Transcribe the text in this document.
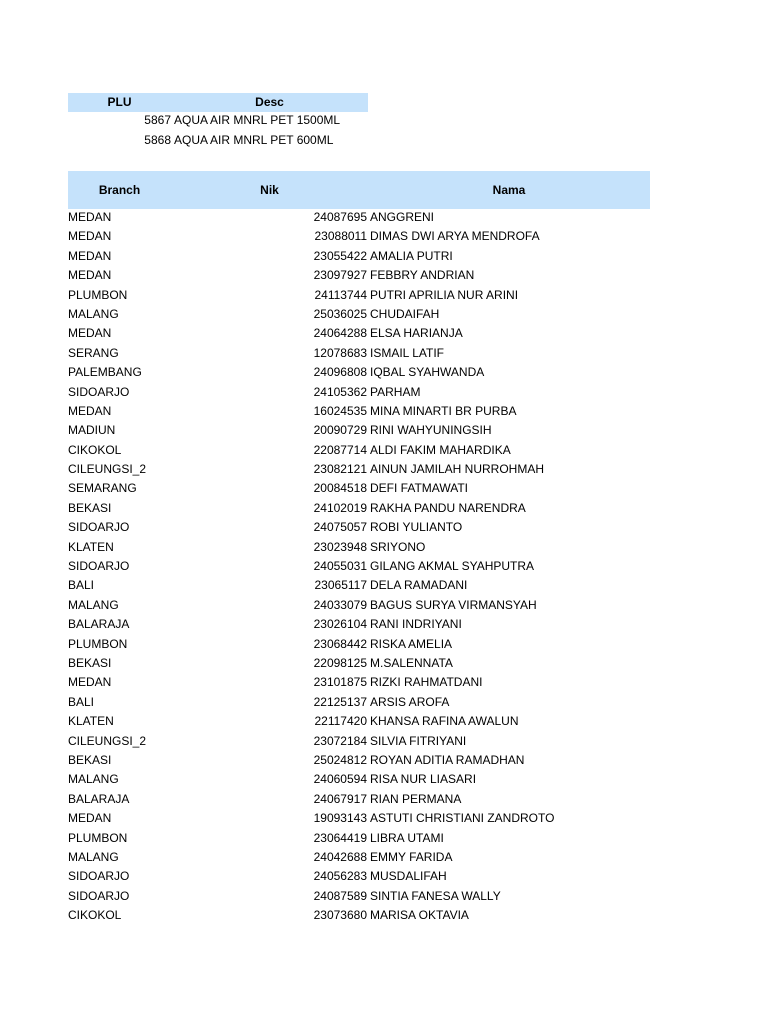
PLU	Desc
5867 AQUA AIR MNRL PET 1500ML
5868 AQUA AIR MNRL PET 600ML
Branch	Nik	Nama
MEDAN	24087695 ANGGRENI
MEDAN	23088011 DIMAS DWI ARYA MENDROFA
MEDAN	23055422 AMALIA PUTRI
MEDAN	23097927 FEBBRY ANDRIAN
PLUMBON	24113744 PUTRI APRILIA NUR ARINI
MALANG	25036025 CHUDAIFAH
MEDAN	24064288 ELSA HARIANJA
SERANG	12078683 ISMAIL LATIF
PALEMBANG	24096808 IQBAL SYAHWANDA
SIDOARJO	24105362 PARHAM
MEDAN	16024535 MINA MINARTI BR PURBA
MADIUN	20090729 RINI WAHYUNINGSIH
CIKOKOL	22087714 ALDI FAKIM MAHARDIKA
CILEUNGSI_2	23082121 AINUN JAMILAH NURROHMAH
SEMARANG	20084518 DEFI FATMAWATI
BEKASI	24102019 RAKHA PANDU NARENDRA
SIDOARJO	24075057 ROBI YULIANTO
KLATEN	23023948 SRIYONO
SIDOARJO	24055031 GILANG AKMAL SYAHPUTRA
BALI	23065117 DELA RAMADANI
MALANG	24033079 BAGUS SURYA VIRMANSYAH
BALARAJA	23026104 RANI INDRIYANI
PLUMBON	23068442 RISKA AMELIA
BEKASI	22098125 M.SALENNATA
MEDAN	23101875 RIZKI RAHMATDANI
BALI	22125137 ARSIS AROFA
KLATEN	22117420 KHANSA RAFINA AWALUN
CILEUNGSI_2	23072184 SILVIA FITRIYANI
BEKASI	25024812 ROYAN ADITIA RAMADHAN
MALANG	24060594 RISA NUR LIASARI
BALARAJA	24067917 RIAN PERMANA
MEDAN	19093143 ASTUTI CHRISTIANI ZANDROTO
PLUMBON	23064419 LIBRA UTAMI
MALANG	24042688 EMMY FARIDA
SIDOARJO	24056283 MUSDALIFAH
SIDOARJO	24087589 SINTIA FANESA WALLY
CIKOKOL	23073680 MARISA OKTAVIA
